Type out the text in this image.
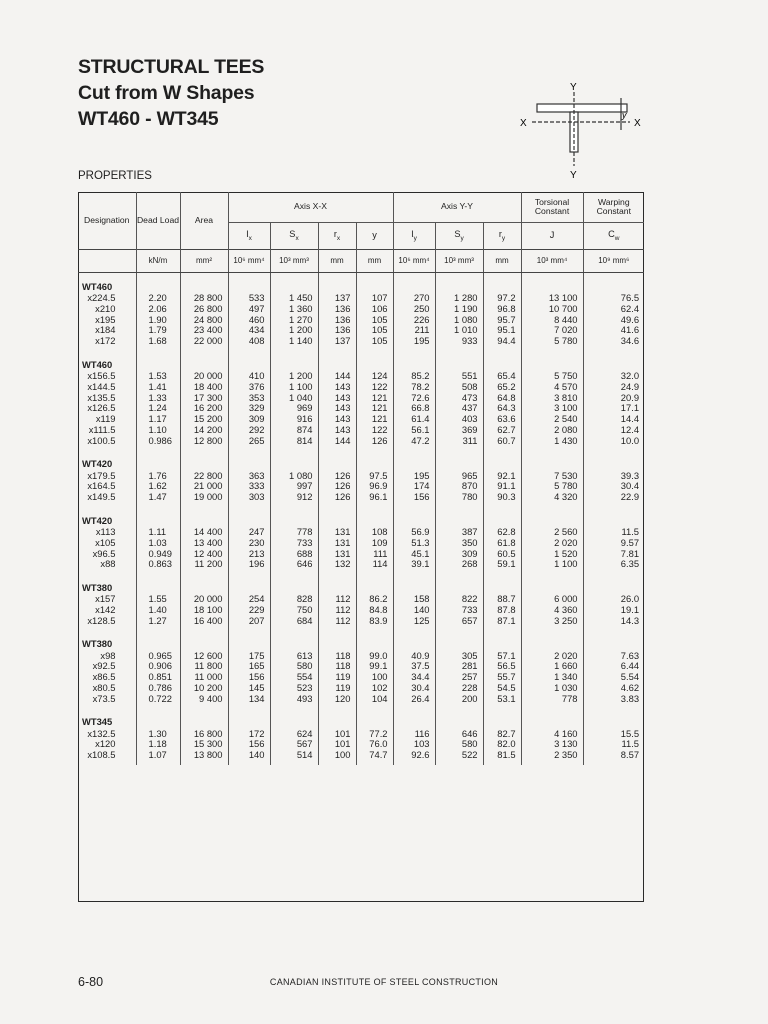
STRUCTURAL TEES
Cut from W Shapes
WT460 - WT345
Y
Y
X	X
y
PROPERTIES
Designation	Dead Load	Area	Axis X-X				Axis Y-Y			Torsional Constant	Warping Constant
			$I_x$	$S_x$	$r_x$	y	$I_y$	$S_y$	$r_y$	J	$C_w$
	kN/m	mm²	10⁶ mm⁴	10³ mm³	mm	mm	10⁶ mm⁴	10³ mm³	mm	10³ mm⁴	10⁹ mm⁶
WT460											
x224.5	2.20	28 800	533	1 450	137	107	270	1 280	97.2	13 100	76.5
x210	2.06	26 800	497	1 360	136	106	250	1 190	96.8	10 700	62.4
x195	1.90	24 800	460	1 270	136	105	226	1 080	95.7	8 440	49.6
x184	1.79	23 400	434	1 200	136	105	211	1 010	95.1	7 020	41.6
x172	1.68	22 000	408	1 140	137	105	195	933	94.4	5 780	34.6

WT460											
x156.5	1.53	20 000	410	1 200	144	124	85.2	551	65.4	5 750	32.0
x144.5	1.41	18 400	376	1 100	143	122	78.2	508	65.2	4 570	24.9
x135.5	1.33	17 300	353	1 040	143	121	72.6	473	64.8	3 810	20.9
x126.5	1.24	16 200	329	969	143	121	66.8	437	64.3	3 100	17.1
x119	1.17	15 200	309	916	143	121	61.4	403	63.6	2 540	14.4
x111.5	1.10	14 200	292	874	143	122	56.1	369	62.7	2 080	12.4
x100.5	0.986	12 800	265	814	144	126	47.2	311	60.7	1 430	10.0

WT420											
x179.5	1.76	22 800	363	1 080	126	97.5	195	965	92.1	7 530	39.3
x164.5	1.62	21 000	333	997	126	96.9	174	870	91.1	5 780	30.4
x149.5	1.47	19 000	303	912	126	96.1	156	780	90.3	4 320	22.9

WT420											
x113	1.11	14 400	247	778	131	108	56.9	387	62.8	2 560	11.5
x105	1.03	13 400	230	733	131	109	51.3	350	61.8	2 020	9.57
x96.5	0.949	12 400	213	688	131	111	45.1	309	60.5	1 520	7.81
x88	0.863	11 200	196	646	132	114	39.1	268	59.1	1 100	6.35

WT380											
x157	1.55	20 000	254	828	112	86.2	158	822	88.7	6 000	26.0
x142	1.40	18 100	229	750	112	84.8	140	733	87.8	4 360	19.1
x128.5	1.27	16 400	207	684	112	83.9	125	657	87.1	3 250	14.3

WT380											
x98	0.965	12 600	175	613	118	99.0	40.9	305	57.1	2 020	7.63
x92.5	0.906	11 800	165	580	118	99.1	37.5	281	56.5	1 660	6.44
x86.5	0.851	11 000	156	554	119	100	34.4	257	55.7	1 340	5.54
x80.5	0.786	10 200	145	523	119	102	30.4	228	54.5	1 030	4.62
x73.5	0.722	9 400	134	493	120	104	26.4	200	53.1	778	3.83

WT345											
x132.5	1.30	16 800	172	624	101	77.2	116	646	82.7	4 160	15.5
x120	1.18	15 300	156	567	101	76.0	103	580	82.0	3 130	11.5
x108.5	1.07	13 800	140	514	100	74.7	92.6	522	81.5	2 350	8.57

6-80	CANADIAN INSTITUTE OF STEEL CONSTRUCTION
